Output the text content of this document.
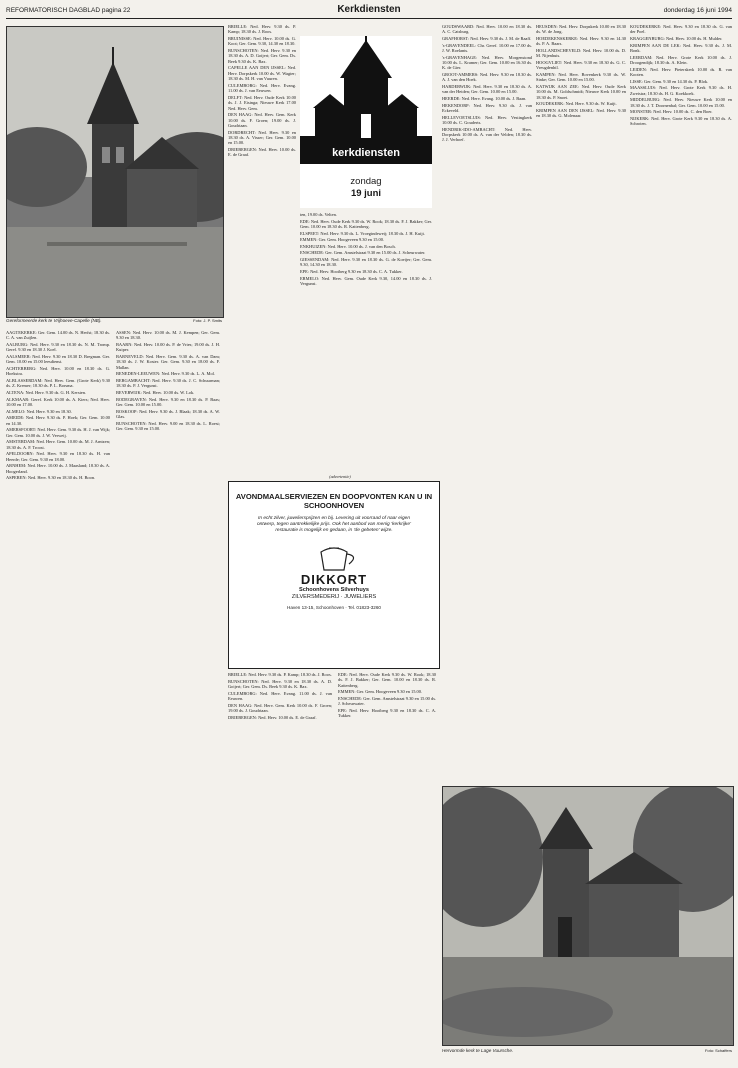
REFORMATORISCH DAGBLAD pagina 22	Kerkdiensten	donderdag 16 juni 1994
Gereformeerde kerk te Vrijhoeve-Capelle (NB).	Foto: J. P. Smits
kerkdiensten
zondag
19 juni

AAGTEKERKE: Ger. Gem. 14.00 ds. N. Herfst; 18.30 ds. C. A. van Zuijlen.

AALBURG: Ned. Herv. 9.30 en 18.30 ds. N. M. Tromp. Geref. 9.30 en 18.30 J. Koel.

AALSMEER: Ned. Herv. 9.30 en 18.30 D. Bregman. Ger. Gem. 10.00 en 15.00 leesdienst.

ACHTERBERG: Ned. Herv. 10.00 en 18.30 ds. G. Hoekstra.

ALBLASSERDAM: Ned. Herv. Gem. (Grote Kerk) 9.30 ds. Z. Kremer; 18.30 ds. P. L. Borsma.

ALTENA: Ned. Herv. 9.30 ds. G. H. Kersten.

ALKMAAR: Geref. Kerk 10.00 ds. A. Kiers; Ned. Herv. 10.00 en 17.00.

ALMELO: Ned. Herv. 9.30 en 18.30.

AMEIDE: Ned. Herv. 9.30 ds. P. Hoek; Ger. Gem. 10.00 en 14.30.

AMERSFOORT: Ned. Herv. Gem. 9.30 ds. H. J. van Wijk; Ger. Gem. 10.00 ds. J. W. Verweij.

AMSTERDAM: Ned. Herv. Gem. 10.00 ds. M. J. Arntzen; 18.30 ds. A. F. Troost.

APELDOORN: Ned. Herv. 9.30 en 18.30 ds. H. van Heerde; Ger. Gem. 9.30 en 18.00.

ARNHEM: Ned. Herv. 10.00 ds. J. Maasland; 18.30 ds. A. Hoogerland.

ASPEREN: Ned. Herv. 9.30 en 18.30 ds. H. Boon.

ASSEN: Ned. Herv. 10.00 ds. M. J. Kempen; Ger. Gem. 9.30 en 18.30.

BAARN: Ned. Herv. 10.00 ds. P. de Vries; 19.00 ds. J. H. Kuiper.

BARNEVELD: Ned. Herv. Gem. 9.30 ds. A. van Dam; 18.30 ds. J. W. Koster. Ger. Gem. 9.30 en 18.00 ds. F. Mallan.

BENEDEN-LEEUWEN: Ned. Herv. 9.30 ds. L. A. Mol.

BERGAMBACHT: Ned. Herv. 9.30 ds. J. C. Schuurman; 18.30 ds. P. J. Vergunst.

BEVERWIJK: Ned. Herv. 10.00 ds. W. Lok.

BODEGRAVEN: Ned. Herv. 9.30 en 18.30 ds. P. Baas; Ger. Gem. 10.00 en 15.00.

BOSKOOP: Ned. Herv. 9.30 ds. J. Blaak; 18.30 ds. A. W. Glas.

BUNSCHOTEN: Ned. Herv. 9.00 en 18.30 ds. L. Roest; Ger. Gem. 9.30 en 15.00.

BRIELLE: Ned. Herv. 9.30 ds. P. Kamp; 18.30 ds. J. Roos.

BRUINISSE: Ned. Herv. 10.00 ds. G. Koot; Ger. Gem. 9.30, 14.30 en 18.30.

BUNSCHOTEN: Ned. Herv. 9.30 en 18.30 ds. A. D. Goijert; Ger. Gem. Ds. Beek 9.30 ds. K. Bax.

CAPELLE AAN DEN IJSSEL: Ned. Herv. Dorpskerk 10.00 ds. W. Wagter; 18.30 ds. M. H. van Vuuren.

CULEMBORG: Ned. Herv. Evang. 11.00 ds. J. van Eeuwen.

DELFT: Ned. Herv. Oude Kerk 10.00 ds. J. J. Eisinga; Nieuwe Kerk 17.00 Ned. Herv. Gem.

DEN HAAG: Ned. Herv. Gem. Kerk 10.00 ds. F. Groen; 19.00 ds. J. Goudriaan.

DORDRECHT: Ned. Herv. 9.30 en 18.30 ds. A. Visser; Ger. Gem. 10.00 en 15.00.

DRIEBERGEN: Ned. Herv. 10.00 ds. E. de Graaf.

ten, 19.00 ds. Velten.

EDE: Ned. Herv. Oude Kerk 9.30 ds. W. Rook; 18.30 ds. F. J. Bakker; Ger. Gem. 10.00 en 18.30 ds. R. Kattenberg.

ELSPEET: Ned. Herv. 9.30 ds. L. Vroegindeweij; 18.30 ds. J. H. Kuijt.

EMMEN: Ger. Gem. Hoogeveen 9.30 en 15.00.

ENKHUIZEN: Ned. Herv. 10.00 ds. J. van den Bosch.

ENSCHEDE: Ger. Gem. Amstelstraat 9.30 en 15.00 ds. J. Scheurwater.

GIESSENDAM: Ned. Herv. 9.30 en 18.30 ds. G. de Koeijer; Ger. Gem. 9.30, 14.30 en 18.30.

EPE: Ned. Herv. Hooiberg 9.30 en 18.30 ds. C. A. Tukker.

ERMELO: Ned. Herv. Gem. Oude Kerk 9.30, 14.00 en 18.30 ds. J. Vergunst.

(advertentie)
AVONDMAALSERVIEZEN EN DOOPVONTEN KAN U IN SCHOONHOVEN
In echt zilver, juweliersprijzen en bij. Levering uit voorraad of naar eigen ontwerp, tegen aantrekkelijke prijs. Ook het aanbod van menig ‘kerkrijke’ restauratie is mogelijk en gedaan, in ‘de gebeten’ wijze.
DIKKORT
Schoonhovens Silverhuys
ZILVERSMEDERIJ · JUWELIERS
Haven 13-15, Schoonhoven · Tel. 01823-3260

BRIELLE: Ned. Herv. 9.30 ds. P. Kamp; 18.30 ds. J. Roos.

BUNSCHOTEN: Ned. Herv. 9.30 en 18.30 ds. A. D. Goijert; Ger. Gem. Ds. Beek 9.30 ds. K. Bax.

CULEMBORG: Ned. Herv. Evang. 11.00 ds. J. van Eeuwen.

DEN HAAG: Ned. Herv. Gem. Kerk 10.00 ds. F. Groen; 19.00 ds. J. Goudriaan.

DRIEBERGEN: Ned. Herv. 10.00 ds. E. de Graaf.

EDE: Ned. Herv. Oude Kerk 9.30 ds. W. Rook; 18.30 ds. F. J. Bakker; Ger. Gem. 10.00 en 18.30 ds. R. Kattenberg.

EMMEN: Ger. Gem. Hoogeveen 9.30 en 15.00.

ENSCHEDE: Ger. Gem. Amstelstraat 9.30 en 15.00 ds. J. Scheurwater.

EPE: Ned. Herv. Hooiberg 9.30 en 18.30 ds. C. A. Tukker.

GOUDSWAARD: Ned. Herv. 10.00 en 18.30 ds. A. C. Catsburg.

GRAFHORST: Ned. Herv. 9.30 ds. J. M. de Raaff.

's-GRAVENDEEL: Chr. Geref. 10.00 en 17.00 ds. J. W. Roelants.

's-GRAVENHAGE: Ned. Herv. Morgenstond 10.00 ds. L. Kramer; Ger. Gem. 10.00 en 16.30 ds. K. de Gier.

GROOT-AMMERS: Ned. Herv. 9.30 en 18.30 ds. A. J. van den Hoek.

HARDERWIJK: Ned. Herv. 9.30 en 18.30 ds. A. van der Heiden; Ger. Gem. 10.00 en 15.00.

HEERDE: Ned. Herv. Evang. 10.00 ds. J. Baan.

HEKENDORP: Ned. Herv. 9.30 ds. J. van Eckeveld.

HELLEVOETSLUIS: Ned. Herv. Vestingkerk 10.00 ds. C. Gouderts.

HENDRIK-IDO-AMBACHT: Ned. Herv. Dorpskerk 10.00 ds. A. van der Velden; 18.30 ds. J. J. Verhoef.

HEUSDEN: Ned. Herv. Dorpskerk 10.00 en 18.30 ds. W. de Jong.

HOEDEKENSKERKE: Ned. Herv. 9.30 en 14.30 ds. P. A. Baars.

HOLLANDSCHEVELD: Ned. Herv. 10.00 ds. D. M. Nijenhuis.

HOOGVLIET: Ned. Herv. 9.30 en 18.30 ds. G. C. Vreugdenhil.

KAMPEN: Ned. Herv. Bovenkerk 9.30 ds. W. Sinke; Ger. Gem. 10.00 en 15.00.

KATWIJK AAN ZEE: Ned. Herv. Oude Kerk 10.00 ds. M. Goldschmidt; Nieuwe Kerk 10.00 en 18.30 ds. P. Snoei.

KOUDEKERK: Ned. Herv. 9.30 ds. W. Kuijt.

KRIMPEN AAN DEN IJSSEL: Ned. Herv. 9.30 en 18.30 ds. G. Molenaar.

KOUDEKERKE: Ned. Herv. 9.30 en 18.30 ds. G. van der Poel.

KRAGGENBURG: Ned. Herv. 10.00 ds. H. Mulder.

KRIMPEN AAN DE LEK: Ned. Herv. 9.30 ds. J. M. Bonk.

LEERDAM: Ned. Herv. Grote Kerk 10.00 ds. J. Droogendijk; 18.30 ds. A. Klein.

LEIDEN: Ned. Herv. Pieterskerk 10.00 ds. R. van Kooten.

LISSE: Ger. Gem. 9.30 en 14.30 ds. P. Blok.

MAASSLUIS: Ned. Herv. Grote Kerk 9.30 ds. H. Zweistra; 18.30 ds. H. G. Koekkoek.

MIDDELBURG: Ned. Herv. Nieuwe Kerk 10.00 en 18.30 ds. J. T. Doornenbal; Ger. Gem. 10.00 en 15.00.

MONSTER: Ned. Herv. 10.00 ds. C. den Boer.

NIJKERK: Ned. Herv. Grote Kerk 9.30 en 18.30 ds. A. Schroten.

Hervormde kerk te Lage Vuursche.	Foto: Schaffers
